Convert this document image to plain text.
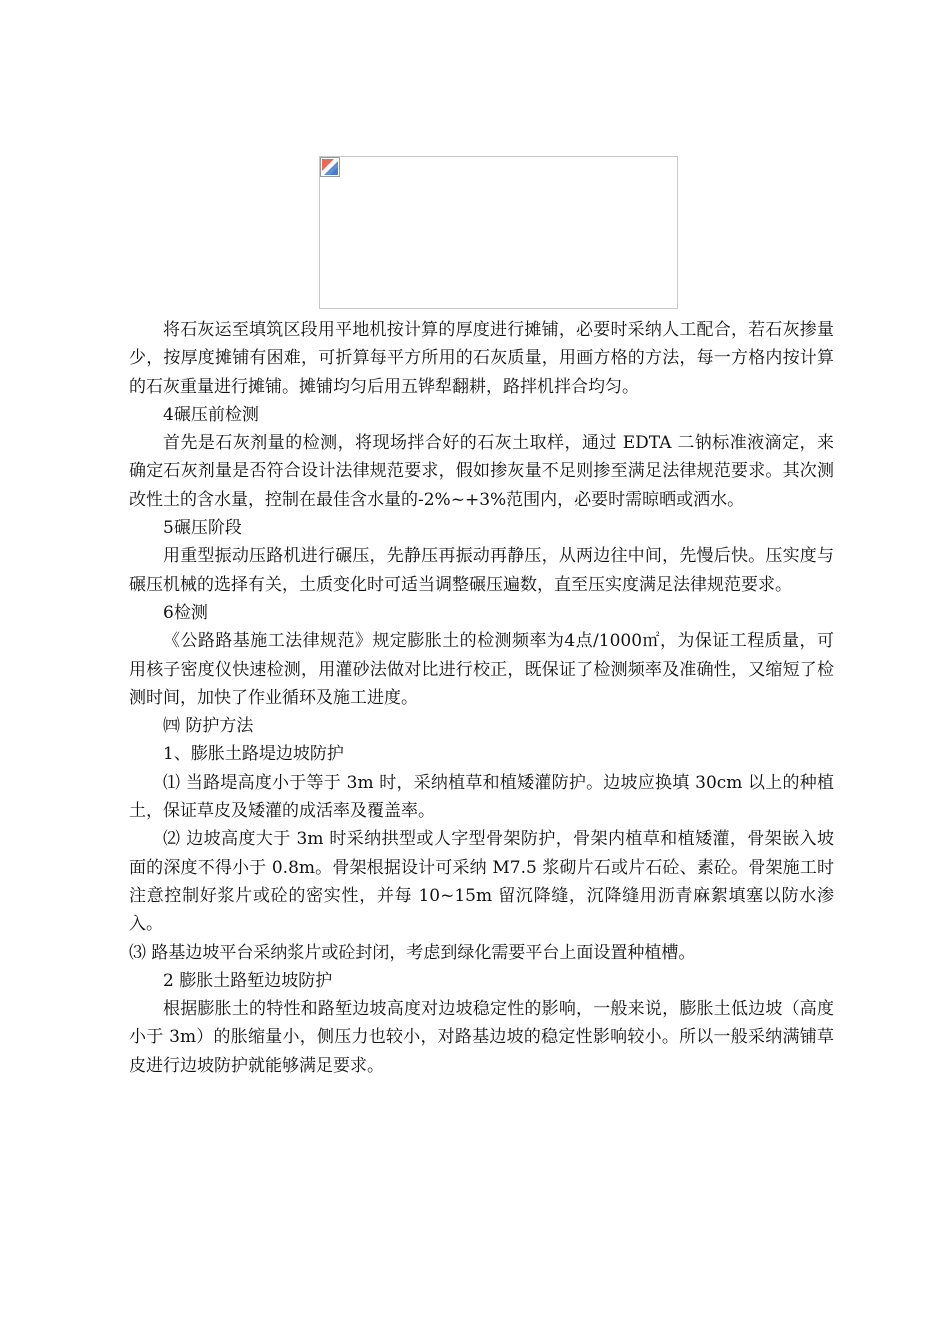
将石灰运至填筑区段用平地机按计算的厚度进行摊铺，必要时采纳人工配合，若石灰掺量少，按厚度摊铺有困难，可折算每平方所用的石灰质量，用画方格的方法，每一方格内按计算的石灰重量进行摊铺。摊铺均匀后用五铧犁翻耕，路拌机拌合均匀。

4碾压前检测

首先是石灰剂量的检测，将现场拌合好的石灰土取样，通过 EDTA 二钠标准液滴定，来确定石灰剂量是否符合设计法律规范要求，假如掺灰量不足则掺至满足法律规范要求。其次测改性土的含水量，控制在最佳含水量的-2%~+3%范围内，必要时需晾晒或洒水。

5碾压阶段

用重型振动压路机进行碾压，先静压再振动再静压，从两边往中间，先慢后快。压实度与碾压机械的选择有关，土质变化时可适当调整碾压遍数，直至压实度满足法律规范要求。

6检测

《公路路基施工法律规范》规定膨胀土的检测频率为4点/1000㎡，为保证工程质量，可用核子密度仪快速检测，用灌砂法做对比进行校正，既保证了检测频率及准确性，又缩短了检测时间，加快了作业循环及施工进度。

㈣ 防护方法

1、膨胀土路堤边坡防护

⑴ 当路堤高度小于等于 3m 时，采纳植草和植矮灌防护。边坡应换填 30cm 以上的种植土，保证草皮及矮灌的成活率及覆盖率。

⑵ 边坡高度大于 3m 时采纳拱型或人字型骨架防护，骨架内植草和植矮灌，骨架嵌入坡面的深度不得小于 0.8m。骨架根据设计可采纳 M7.5 浆砌片石或片石砼、素砼。骨架施工时注意控制好浆片或砼的密实性，并每 10~15m 留沉降缝，沉降缝用沥青麻絮填塞以防水渗入。

⑶ 路基边坡平台采纳浆片或砼封闭，考虑到绿化需要平台上面设置种植槽。

2 膨胀土路堑边坡防护

根据膨胀土的特性和路堑边坡高度对边坡稳定性的影响，一般来说，膨胀土低边坡（高度小于 3m）的胀缩量小，侧压力也较小，对路基边坡的稳定性影响较小。所以一般采纳满铺草皮进行边坡防护就能够满足要求。
